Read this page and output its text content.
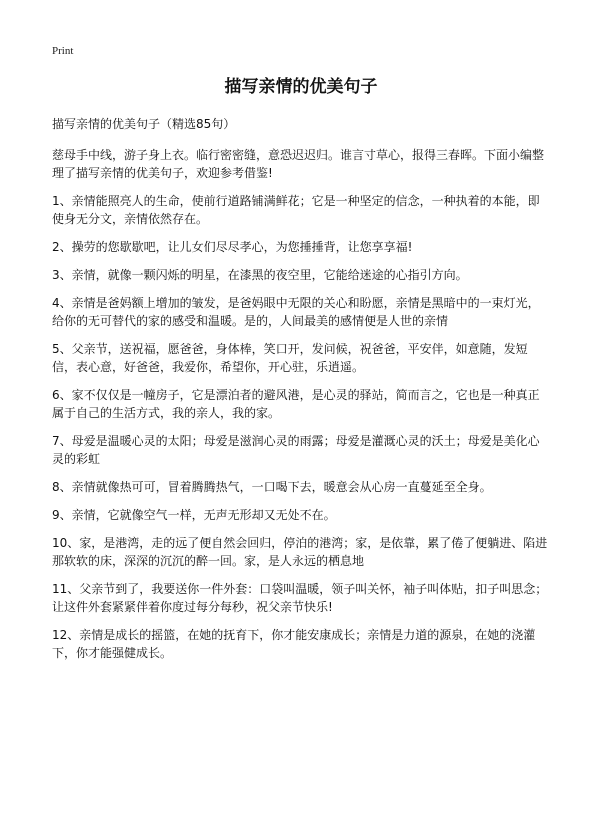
Print
描写亲情的优美句子
描写亲情的优美句子（精选85句）
慈母手中线，游子身上衣。临行密密缝，意恐迟迟归。谁言寸草心，报得三春晖。下面小编整理了描写亲情的优美句子，欢迎参考借鉴!
1、亲情能照亮人的生命，使前行道路铺满鲜花；它是一种坚定的信念，一种执着的本能，即使身无分文，亲情依然存在。
2、操劳的您歇歇吧，让儿女们尽尽孝心，为您捶捶背，让您享享福!
3、亲情，就像一颗闪烁的明星，在漆黑的夜空里，它能给迷途的心指引方向。
4、亲情是爸妈额上增加的皱发，是爸妈眼中无限的关心和盼愿，亲情是黑暗中的一束灯光，给你的无可替代的家的感受和温暖。是的，人间最美的感情便是人世的亲情
5、父亲节，送祝福，愿爸爸，身体棒，笑口开，发问候，祝爸爸，平安伴，如意随，发短信，表心意，好爸爸，我爱你，希望你，开心驻，乐逍遥。
6、家不仅仅是一幢房子，它是漂泊者的避风港，是心灵的驿站，简而言之，它也是一种真正属于自己的生活方式，我的亲人，我的家。
7、母爱是温暖心灵的太阳；母爱是滋润心灵的雨露；母爱是灌溉心灵的沃土；母爱是美化心灵的彩虹
8、亲情就像热可可，冒着腾腾热气，一口喝下去，暖意会从心房一直蔓延至全身。
9、亲情，它就像空气一样，无声无形却又无处不在。
10、家，是港湾，走的远了便自然会回归，停泊的港湾；家，是依靠，累了倦了便躺进、陷进那软软的床，深深的沉沉的醉一回。家，是人永远的栖息地
11、父亲节到了，我要送你一件外套：口袋叫温暖，领子叫关怀，袖子叫体贴，扣子叫思念；让这件外套紧紧伴着你度过每分每秒，祝父亲节快乐!
12、亲情是成长的摇篮，在她的抚育下，你才能安康成长；亲情是力道的源泉，在她的浇灌下，你才能强健成长。
